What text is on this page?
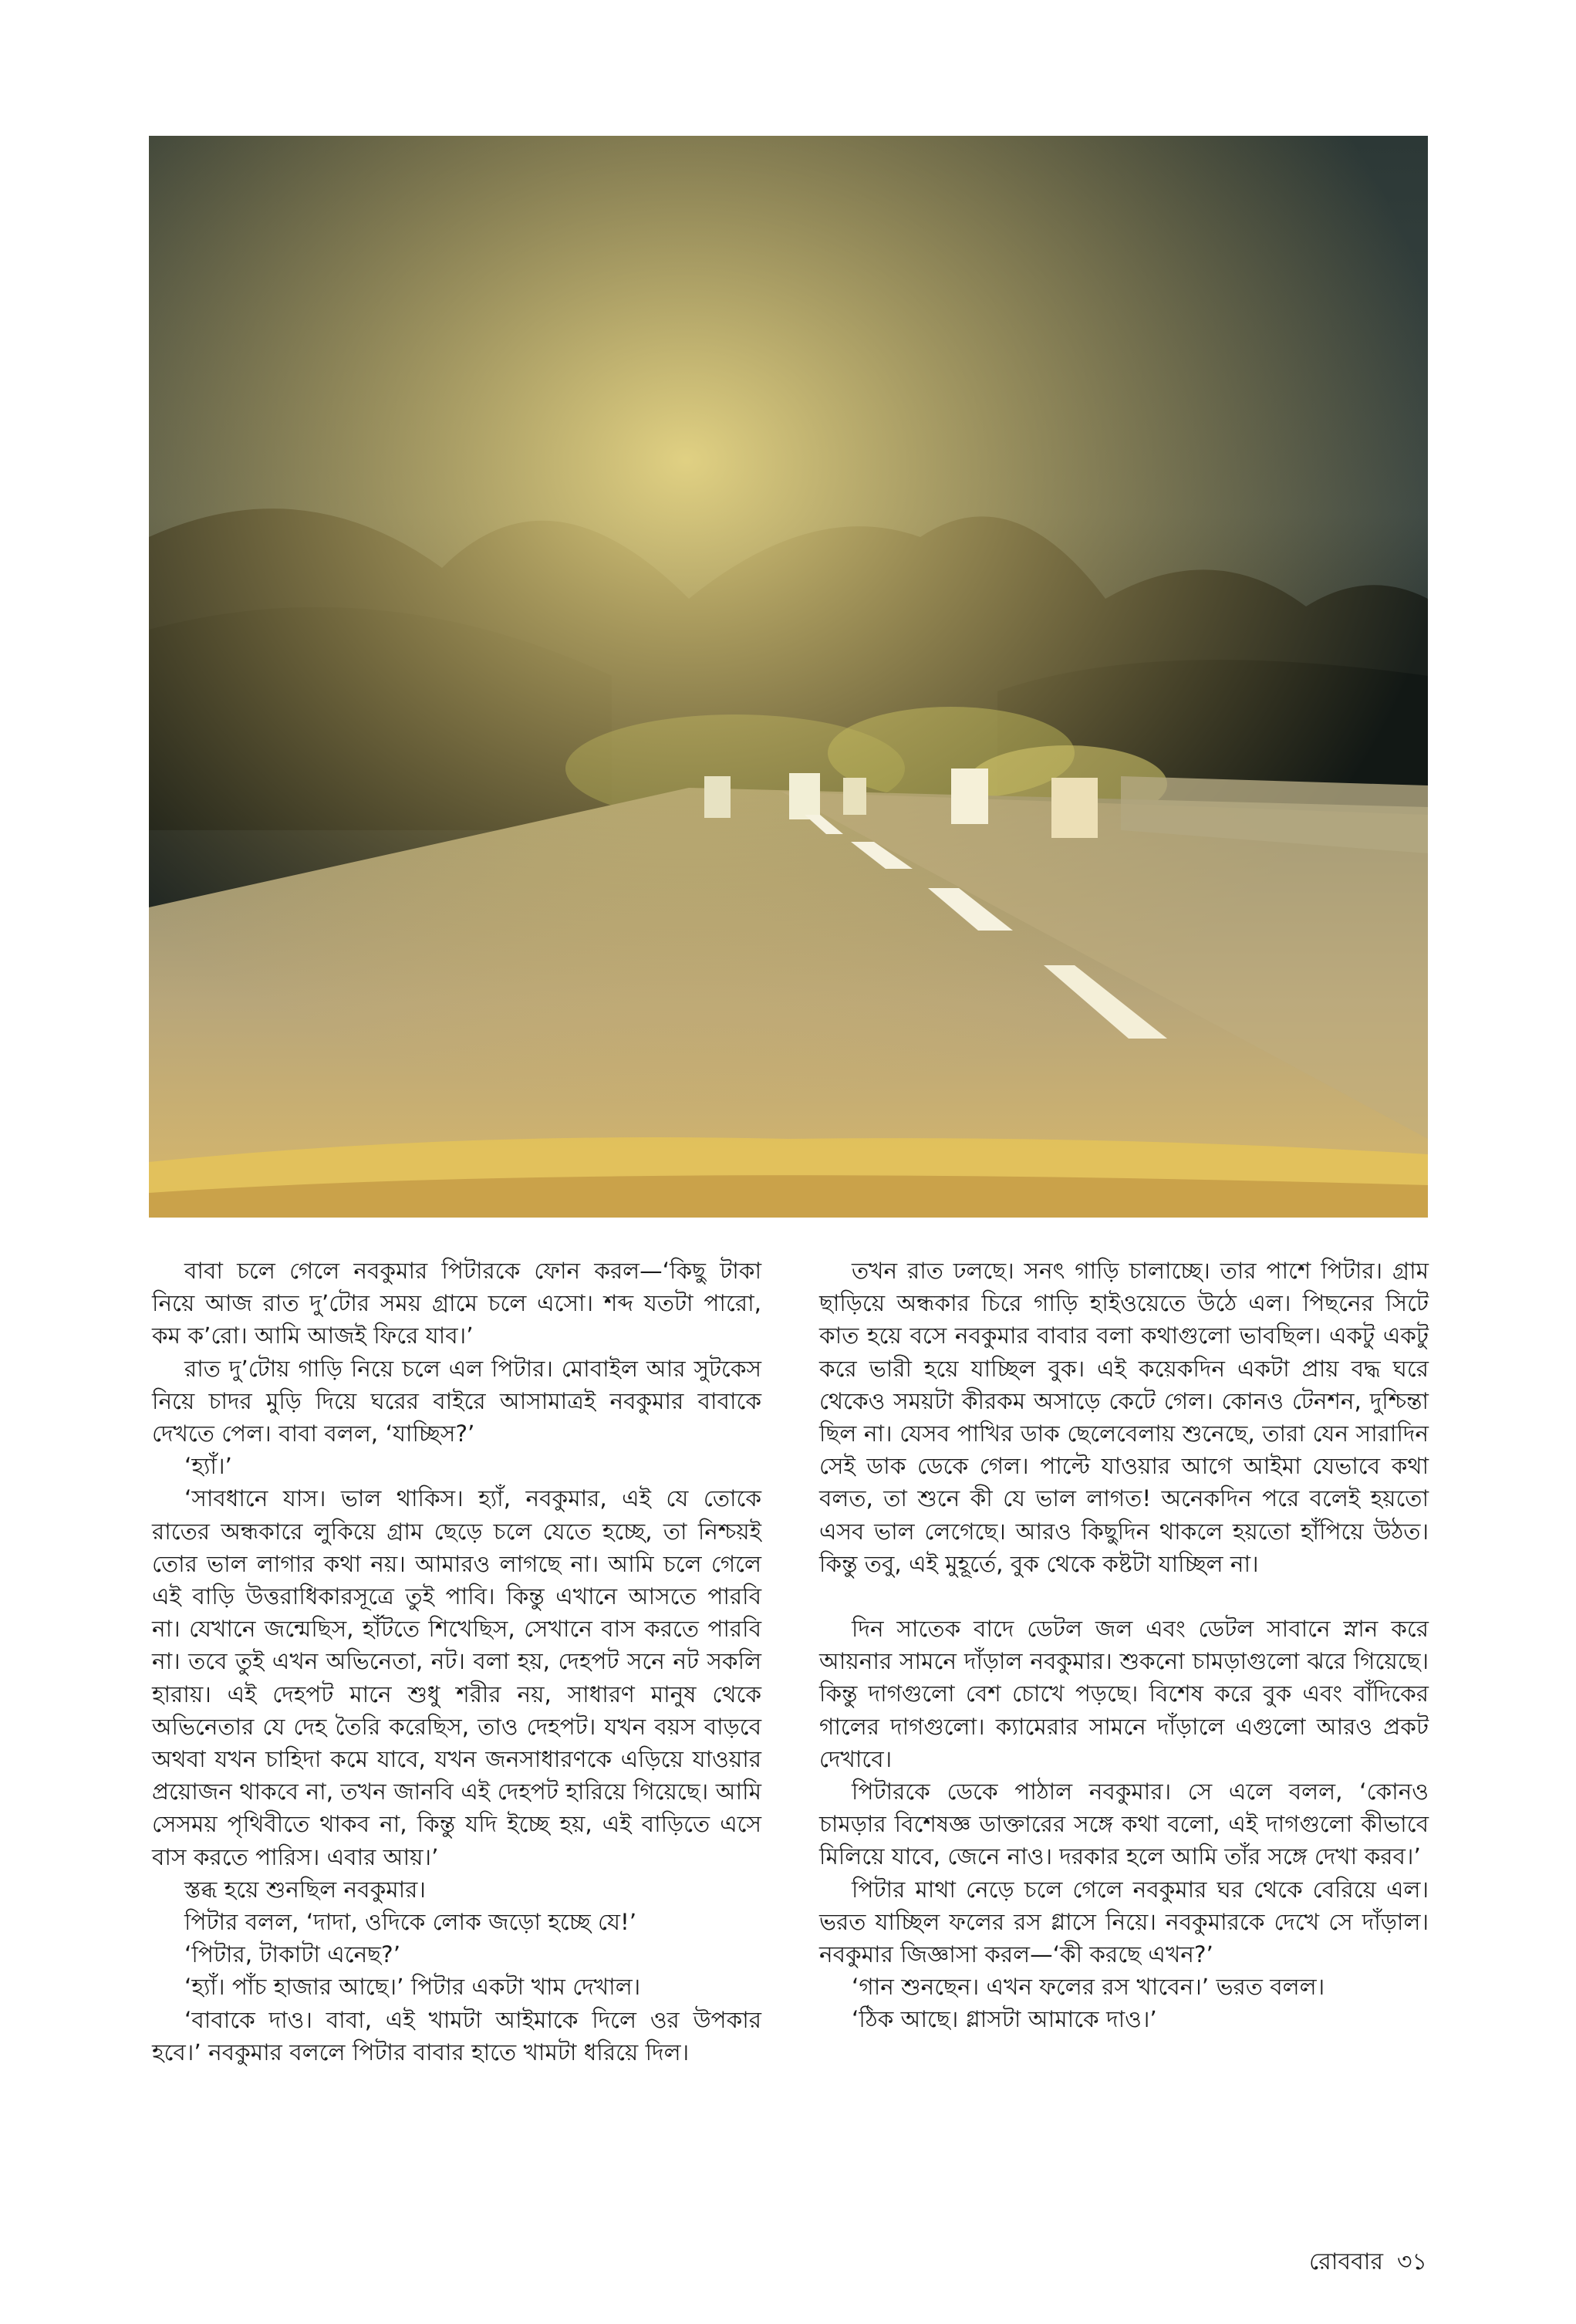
বাবা চলে গেলে নবকুমার পিটারকে ফোন করল—‘কিছু টাকা নিয়ে আজ রাত দু’টোর সময় গ্রামে চলে এসো। শব্দ যতটা পারো, কম ক’রো। আমি আজই ফিরে যাব।’

রাত দু’টোয় গাড়ি নিয়ে চলে এল পিটার। মোবাইল আর সুটকেস নিয়ে চাদর মুড়ি দিয়ে ঘরের বাইরে আসামাত্রই নবকুমার বাবাকে দেখতে পেল। বাবা বলল, ‘যাচ্ছিস?’

‘হ্যাঁ।’

‘সাবধানে যাস। ভাল থাকিস। হ্যাঁ, নবকুমার, এই যে তোকে রাতের অন্ধকারে লুকিয়ে গ্রাম ছেড়ে চলে যেতে হচ্ছে, তা নিশ্চয়ই তোর ভাল লাগার কথা নয়। আমারও লাগছে না। আমি চলে গেলে এই বাড়ি উত্তরাধিকারসূত্রে তুই পাবি। কিন্তু এখানে আসতে পারবি না। যেখানে জন্মেছিস, হাঁটতে শিখেছিস, সেখানে বাস করতে পারবি না। তবে তুই এখন অভিনেতা, নট। বলা হয়, দেহপট সনে নট সকলি হারায়। এই দেহপট মানে শুধু শরীর নয়, সাধারণ মানুষ থেকে অভিনেতার যে দেহ তৈরি করেছিস, তাও দেহপট। যখন বয়স বাড়বে অথবা যখন চাহিদা কমে যাবে, যখন জনসাধারণকে এড়িয়ে যাওয়ার প্রয়োজন থাকবে না, তখন জানবি এই দেহপট হারিয়ে গিয়েছে। আমি সেসময় পৃথিবীতে থাকব না, কিন্তু যদি ইচ্ছে হয়, এই বাড়িতে এসে বাস করতে পারিস। এবার আয়।’

স্তব্ধ হয়ে শুনছিল নবকুমার।

পিটার বলল, ‘দাদা, ওদিকে লোক জড়ো হচ্ছে যে!’

‘পিটার, টাকাটা এনেছ?’

‘হ্যাঁ। পাঁচ হাজার আছে।’ পিটার একটা খাম দেখাল।

‘বাবাকে দাও। বাবা, এই খামটা আইমাকে দিলে ওর উপকার হবে।’ নবকুমার বললে পিটার বাবার হাতে খামটা ধরিয়ে দিল।

তখন রাত ঢলছে। সনৎ গাড়ি চালাচ্ছে। তার পাশে পিটার। গ্রাম ছাড়িয়ে অন্ধকার চিরে গাড়ি হাইওয়েতে উঠে এল। পিছনের সিটে কাত হয়ে বসে নবকুমার বাবার বলা কথাগুলো ভাবছিল। একটু একটু করে ভারী হয়ে যাচ্ছিল বুক। এই কয়েকদিন একটা প্রায় বদ্ধ ঘরে থেকেও সময়টা কীরকম অসাড়ে কেটে গেল। কোনও টেনশন, দুশ্চিন্তা ছিল না। যেসব পাখির ডাক ছেলেবেলায় শুনেছে, তারা যেন সারাদিন সেই ডাক ডেকে গেল। পাল্টে যাওয়ার আগে আইমা যেভাবে কথা বলত, তা শুনে কী যে ভাল লাগত! অনেকদিন পরে বলেই হয়তো এসব ভাল লেগেছে। আরও কিছুদিন থাকলে হয়তো হাঁপিয়ে উঠত। কিন্তু তবু, এই মুহূর্তে, বুক থেকে কষ্টটা যাচ্ছিল না।

দিন সাতেক বাদে ডেটল জল এবং ডেটল সাবানে স্নান করে আয়নার সামনে দাঁড়াল নবকুমার। শুকনো চামড়াগুলো ঝরে গিয়েছে। কিন্তু দাগগুলো বেশ চোখে পড়ছে। বিশেষ করে বুক এবং বাঁদিকের গালের দাগগুলো। ক্যামেরার সামনে দাঁড়ালে এগুলো আরও প্রকট দেখাবে।

পিটারকে ডেকে পাঠাল নবকুমার। সে এলে বলল, ‘কোনও চামড়ার বিশেষজ্ঞ ডাক্তারের সঙ্গে কথা বলো, এই দাগগুলো কীভাবে মিলিয়ে যাবে, জেনে নাও। দরকার হলে আমি তাঁর সঙ্গে দেখা করব।’

পিটার মাথা নেড়ে চলে গেলে নবকুমার ঘর থেকে বেরিয়ে এল। ভরত যাচ্ছিল ফলের রস গ্লাসে নিয়ে। নবকুমারকে দেখে সে দাঁড়াল। নবকুমার জিজ্ঞাসা করল—‘কী করছে এখন?’

‘গান শুনছেন। এখন ফলের রস খাবেন।’ ভরত বলল।

‘ঠিক আছে। গ্লাসটা আমাকে দাও।’

রোববার ৩১
